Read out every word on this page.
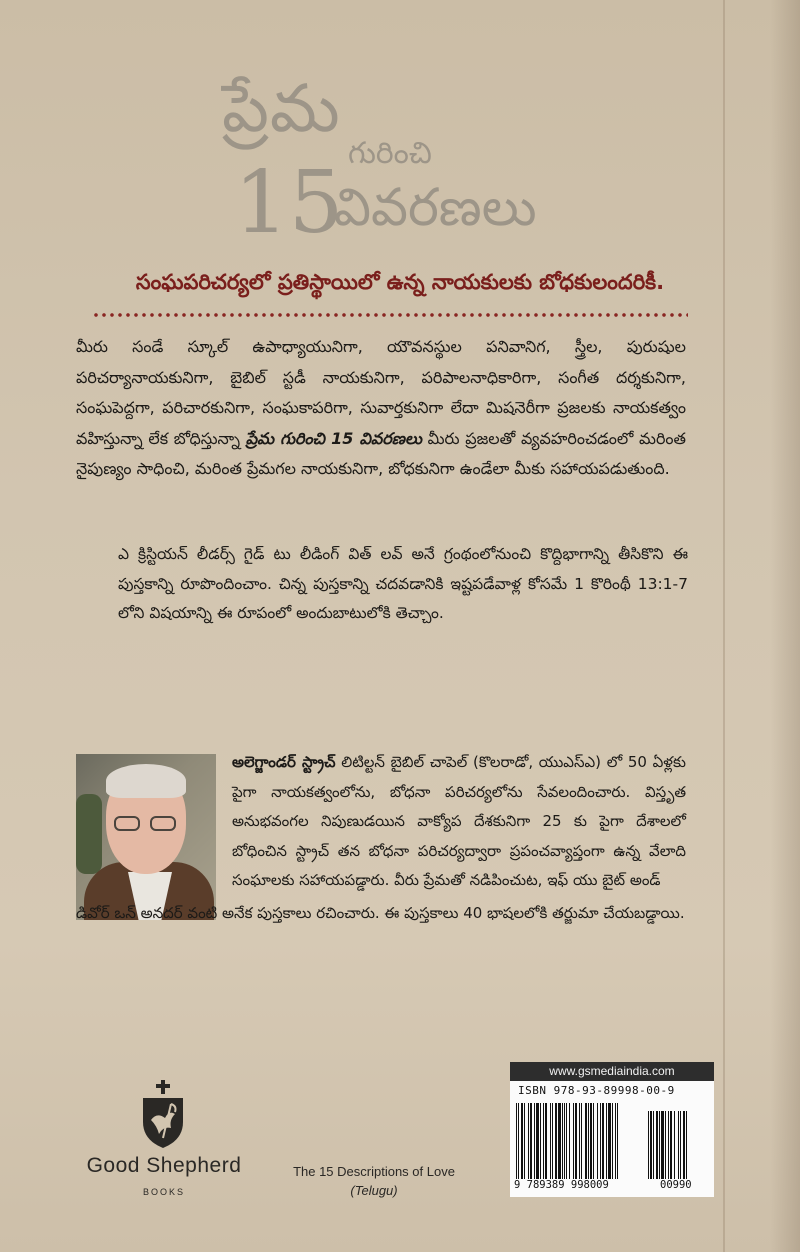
ప్రేమ
గురించి
15
వివరణలు
సంఘపరిచర్యలో ప్రతిస్థాయిలో ఉన్న నాయకులకు బోధకులందరికీ.
మీరు సండే స్కూల్ ఉపాధ్యాయునిగా, యౌవనస్థుల పనివానిగ, స్త్రీల, పురుషుల పరిచర్యానాయకునిగా, బైబిల్ స్టడీ నాయకునిగా, పరిపాలనాధికారిగా, సంగీత దర్శకునిగా, సంఘపెద్దగా, పరిచారకునిగా, సంఘకాపరిగా, సువార్తకునిగా లేదా మిషనెరీగా ప్రజలకు నాయకత్వం వహిస్తున్నా లేక బోధిస్తున్నా ప్రేమ గురించి 15 వివరణలు మీరు ప్రజలతో వ్యవహరించడంలో మరింత నైపుణ్యం సాధించి, మరింత ప్రేమగల నాయకునిగా, బోధకునిగా ఉండేలా మీకు సహాయపడుతుంది.
ఎ క్రిస్టియన్ లీడర్స్ గైడ్ టు లీడింగ్ విత్ లవ్ అనే గ్రంథంలోనుంచి కొద్దిభాగాన్ని తీసికొని ఈ పుస్తకాన్ని రూపొందించాం. చిన్న పుస్తకాన్ని చదవడానికి ఇష్టపడేవాళ్ల కోసమే 1 కొరింథీ 13:1-7 లోని విషయాన్ని ఈ రూపంలో అందుబాటులోకి తెచ్చాం.
అలెగ్జాండర్ స్ట్రాచ్ లిటిల్టన్ బైబిల్ చాపెల్ (కొలరాడో, యుఎస్ఎ) లో 50 ఏళ్లకు పైగా నాయకత్వంలోను, బోధనా పరిచర్యలోను సేవలందించారు. విస్తృత అనుభవంగల నిపుణుడయిన వాక్యోప దేశకునిగా 25 కు పైగా దేశాలలో బోధించిన స్ట్రాచ్ తన బోధనా పరిచర్యద్వారా ప్రపంచవ్యాప్తంగా ఉన్న వేలాది సంఘాలకు సహాయపడ్డారు. వీరు ప్రేమతో నడిపించుట, ఇఫ్ యు బైట్ అండ్
డివోర్ ఒన్ అనదర్ వంటి అనేక పుస్తకాలు రచించారు. ఈ పుస్తకాలు 40 భాషలలోకి తర్జుమా చేయబడ్డాయి.
Good Shepherd
BOOKS
The 15 Descriptions of Love
(Telugu)
www.gsmediaindia.com
ISBN 978-93-89998-00-9
9 789389 998009	00990
